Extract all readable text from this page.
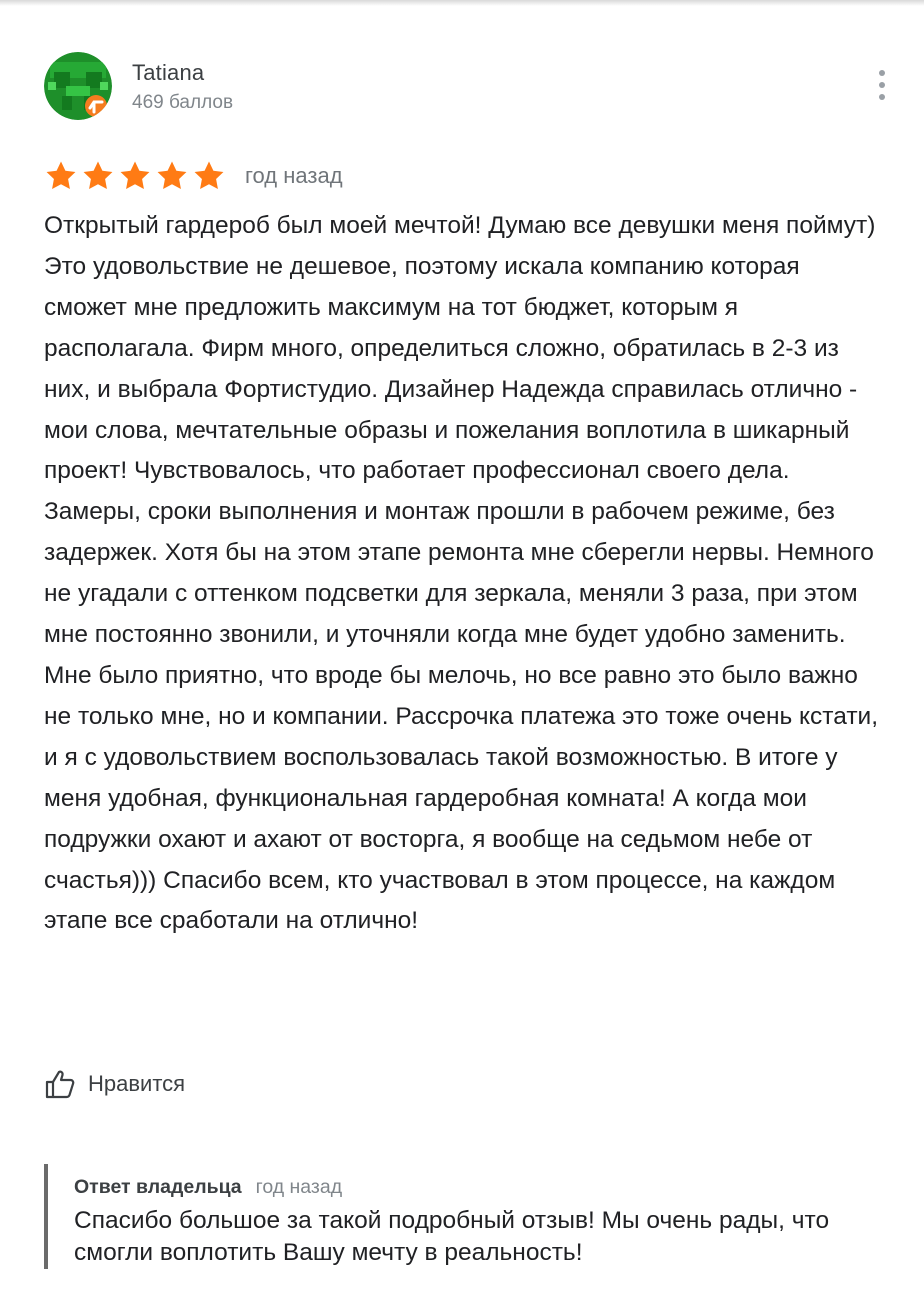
Tatiana
469 баллов
год назад
Открытый гардероб был моей мечтой! Думаю все девушки меня поймут) Это удовольствие не дешевое, поэтому искала компанию которая сможет мне предложить максимум на тот бюджет, которым я располагала. Фирм много, определиться сложно, обратилась в 2-3 из них, и выбрала Фортистудио. Дизайнер Надежда справилась отлично - мои слова, мечтательные образы и пожелания воплотила в шикарный проект! Чувствовалось, что работает профессионал своего дела. Замеры, сроки выполнения и монтаж прошли в рабочем режиме, без задержек. Хотя бы на этом этапе ремонта мне сберегли нервы. Немного не угадали с оттенком подсветки для зеркала, меняли 3 раза, при этом мне постоянно звонили, и уточняли когда мне будет удобно заменить. Мне было приятно, что вроде бы мелочь, но все равно это было важно не только мне, но и компании. Рассрочка платежа это тоже очень кстати, и я с удовольствием воспользовалась такой возможностью. В итоге у меня удобная, функциональная гардеробная комната! А когда мои подружки охают и ахают от восторга, я вообще на седьмом небе от счастья))) Спасибо всем, кто участвовал в этом процессе, на каждом этапе все сработали на отлично!
Нравится
Ответ владельца год назад
Спасибо большое за такой подробный отзыв! Мы очень рады, что смогли воплотить Вашу мечту в реальность!
